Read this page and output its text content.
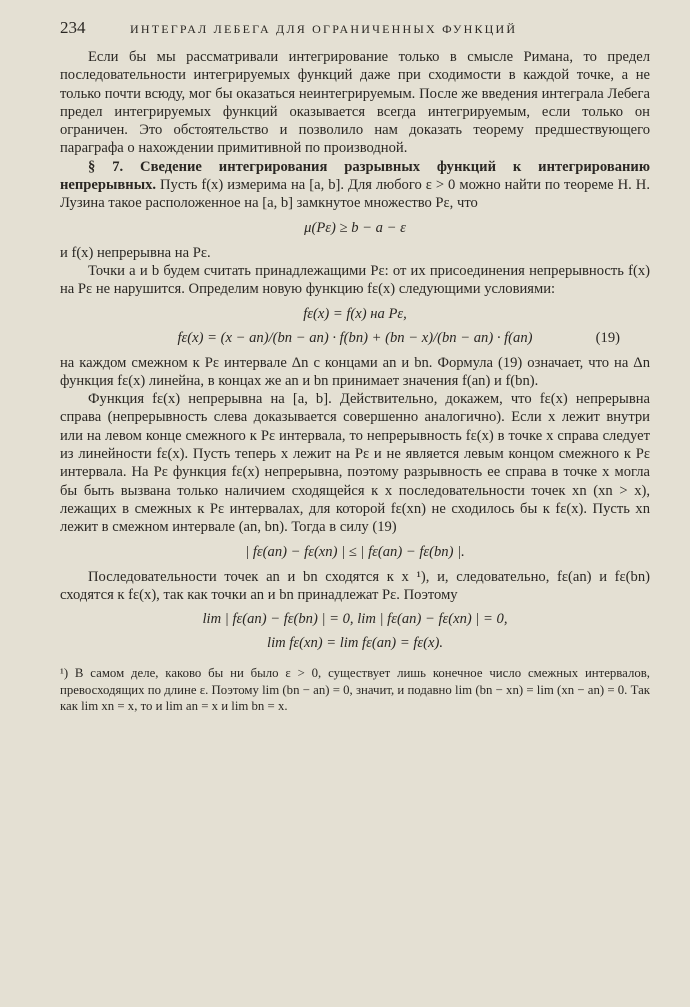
234	ИНТЕГРАЛ ЛЕБЕГА ДЛЯ ОГРАНИЧЕННЫХ ФУНКЦИЙ

Если бы мы рассматривали интегрирование только в смысле Римана, то предел последовательности интегрируемых функций даже при сходимости в каждой точке, а не только почти всюду, мог бы оказаться неинтегрируемым. После же введения интеграла Лебега предел интегрируемых функций оказывается всегда интегрируемым, если только он ограничен. Это обстоятельство и позволило нам доказать теорему предшествующего параграфа о нахождении примитивной по производной.

§ 7. Сведение интегрирования разрывных функций к интегрированию непрерывных. Пусть f(x) измерима на [a, b]. Для любого ε > 0 можно найти по теореме Н. Н. Лузина такое расположенное на [a, b] замкнутое множество Pε, что

μ(Pε) ≥ b − a − ε

и f(x) непрерывна на Pε.

Точки a и b будем считать принадлежащими Pε: от их присоединения непрерывность f(x) на Pε не нарушится. Определим новую функцию fε(x) следующими условиями:

fε(x) = f(x) на Pε,
fε(x) = (x − an)/(bn − an) · f(bn) + (bn − x)/(bn − an) · f(an)	(19)

на каждом смежном к Pε интервале Δn с концами an и bn. Формула (19) означает, что на Δn функция fε(x) линейна, в концах же an и bn принимает значения f(an) и f(bn).

Функция fε(x) непрерывна на [a, b]. Действительно, докажем, что fε(x) непрерывна справа (непрерывность слева доказывается совершенно аналогично). Если x лежит внутри или на левом конце смежного к Pε интервала, то непрерывность fε(x) в точке x справа следует из линейности fε(x). Пусть теперь x лежит на Pε и не является левым концом смежного к Pε интервала. На Pε функция fε(x) непрерывна, поэтому разрывность ее справа в точке x могла бы быть вызвана только наличием сходящейся к x последовательности точек xn (xn > x), лежащих в смежных к Pε интервалах, для которой fε(xn) не сходилось бы к fε(x). Пусть xn лежит в смежном интервале (an, bn). Тогда в силу (19)

| fε(an) − fε(xn) | ≤ | fε(an) − fε(bn) |.

Последовательности точек an и bn сходятся к x ¹), и, следовательно, fε(an) и fε(bn) сходятся к fε(x), так как точки an и bn принадлежат Pε. Поэтому

lim | fε(an) − fε(bn) | = 0, lim | fε(an) − fε(xn) | = 0,
lim fε(xn) = lim fε(an) = fε(x).

¹) В самом деле, каково бы ни было ε > 0, существует лишь конечное число смежных интервалов, превосходящих по длине ε. Поэтому lim (bn − an) = 0, значит, и подавно lim (bn − xn) = lim (xn − an) = 0. Так как lim xn = x, то и lim an = x и lim bn = x.
